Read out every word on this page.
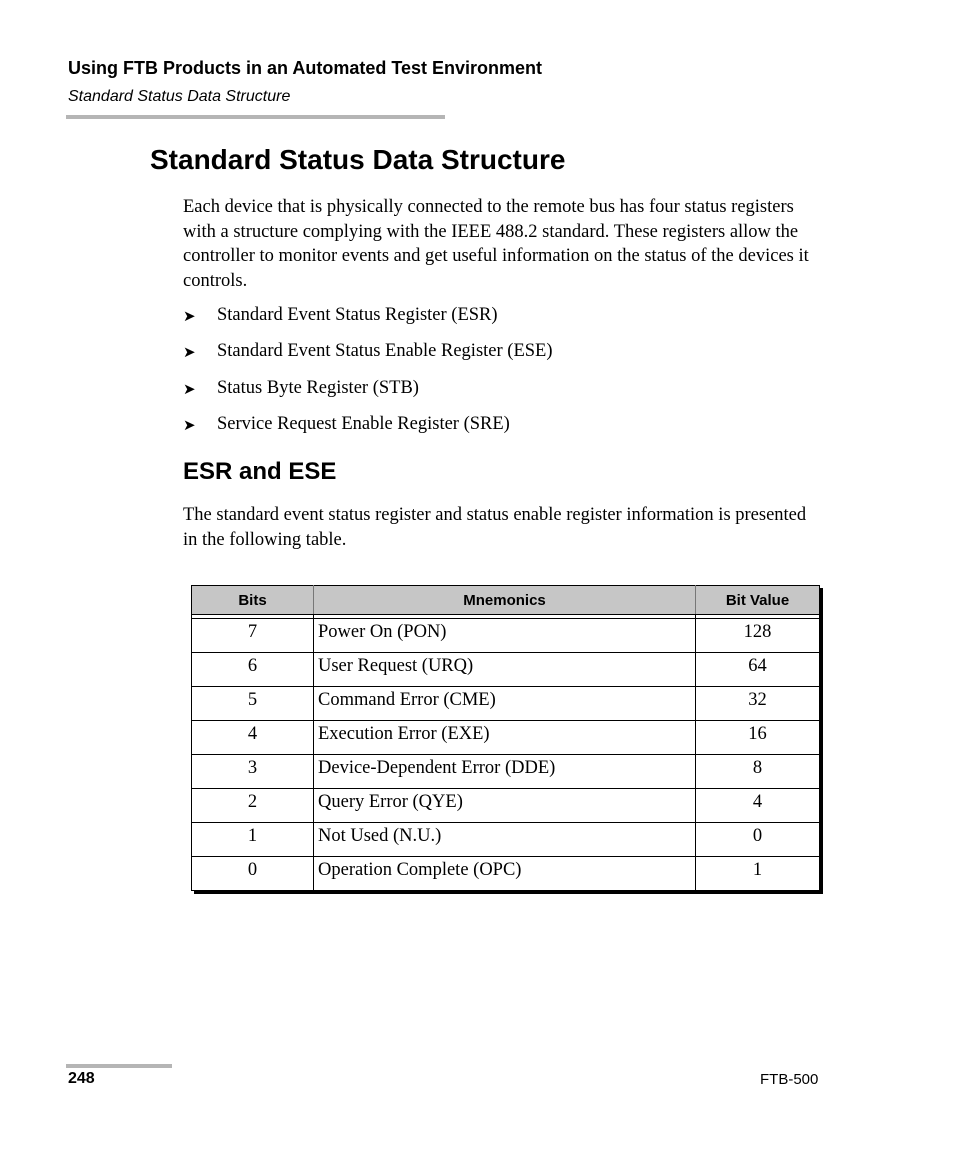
Using FTB Products in an Automated Test Environment
Standard Status Data Structure
Standard Status Data Structure

Each device that is physically connected to the remote bus has four status registers with a structure complying with the IEEE 488.2 standard. These registers allow the controller to monitor events and get useful information on the status of the devices it controls.

➤	Standard Event Status Register (ESR)
➤	Standard Event Status Enable Register (ESE)
➤	Status Byte Register (STB)
➤	Service Request Enable Register (SRE)
ESR and ESE

The standard event status register and status enable register information is presented in the following table.

Bits	Mnemonics	Bit Value

7	Power On (PON)	128
6	User Request (URQ)	64
5	Command Error (CME)	32
4	Execution Error (EXE)	16
3	Device-Dependent Error (DDE)	8
2	Query Error (QYE)	4
1	Not Used (N.U.)	0
0	Operation Complete (OPC)	1
248	FTB-500
